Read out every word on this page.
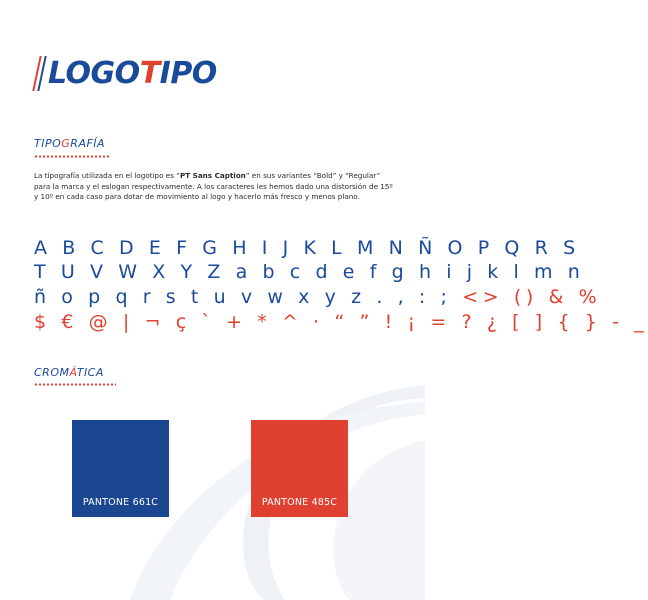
LOGOTIPO
TIPOGRAFÍA

La tipografía utilizada en el logotipo es “PT Sans Caption” en sus variantes “Bold” y “Regular” para la marca y el eslogan respectivamente. A los caracteres les hemos dado una distorsión de 15º y 10º en cada caso para dotar de movimiento al logo y hacerlo más fresco y menos plano.

A B C D E F G H I J K L M N Ñ O P Q R S
T U V W X Y Z a b c d e f g h i j k l m n
ñ o p q r s t u v w x y z . , : ; <> () & %
$ € @ | ¬ ç ` + * ^ · “ ” ! ¡ = ? ¿ [ ] { } - _
CROMÁTICA
PANTONE 661C	PANTONE 485C
